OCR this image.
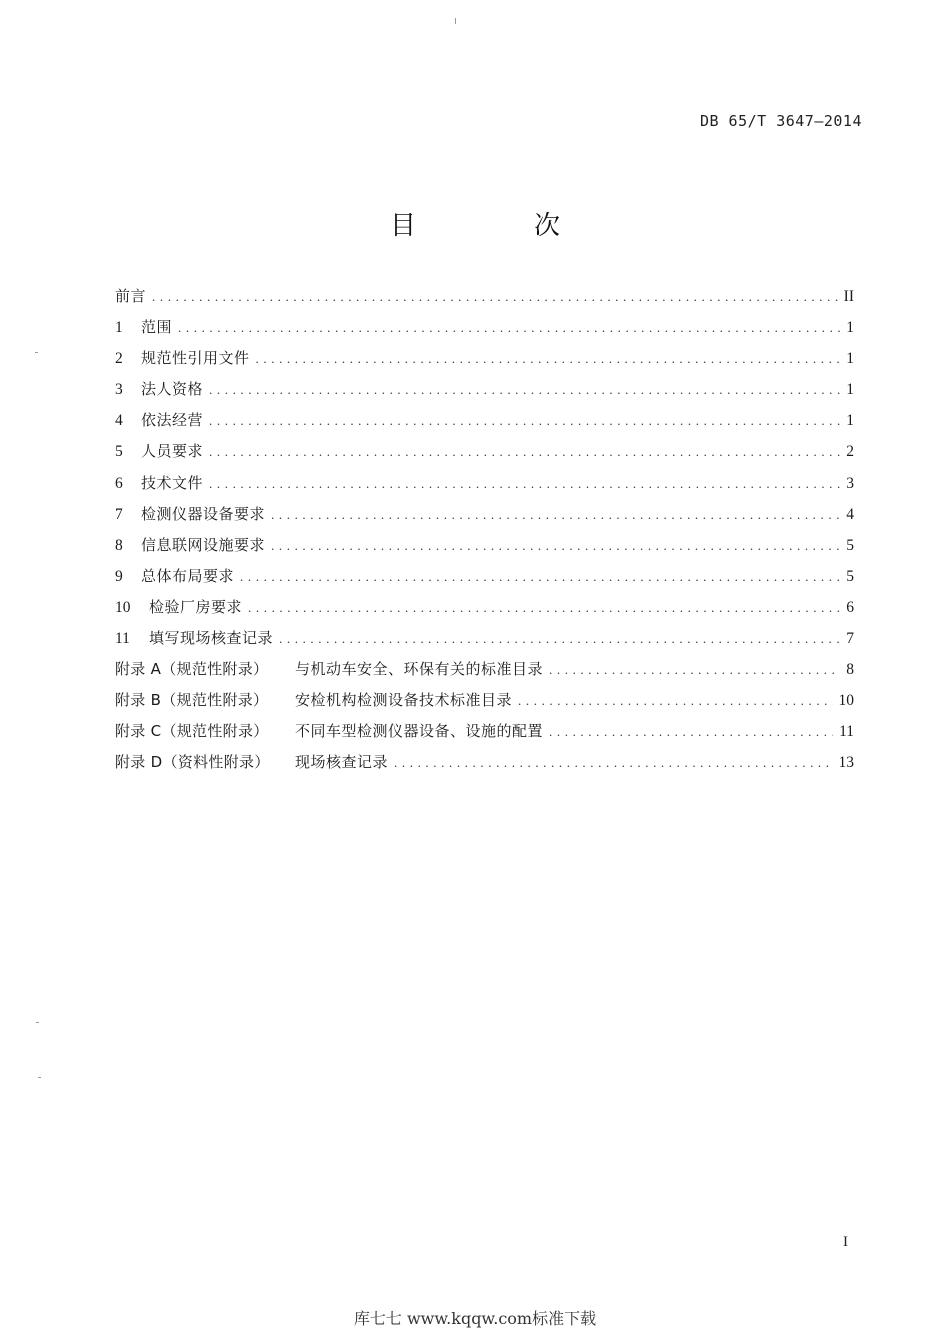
DB 65/T 3647—2014
目　次
前言 .....	II
1	范围 .....	1
2	规范性引用文件 .....	1
3	法人资格 .....	1
4	依法经营 .....	1
5	人员要求 .....	2
6	技术文件 .....	3
7	检测仪器设备要求 .....	4
8	信息联网设施要求 .....	5
9	总体布局要求 .....	5
10	检验厂房要求 .....	6
11	填写现场核查记录 .....	7
附录 A（规范性附录）	与机动车安全、环保有关的标准目录 .....	8
附录 B（规范性附录）	安检机构检测设备技术标准目录 .....	10
附录 C（规范性附录）	不同车型检测仪器设备、设施的配置 .....	11
附录 D（资料性附录）	现场核查记录 .....	13
I
库七七 www.kqqw.com标准下载
